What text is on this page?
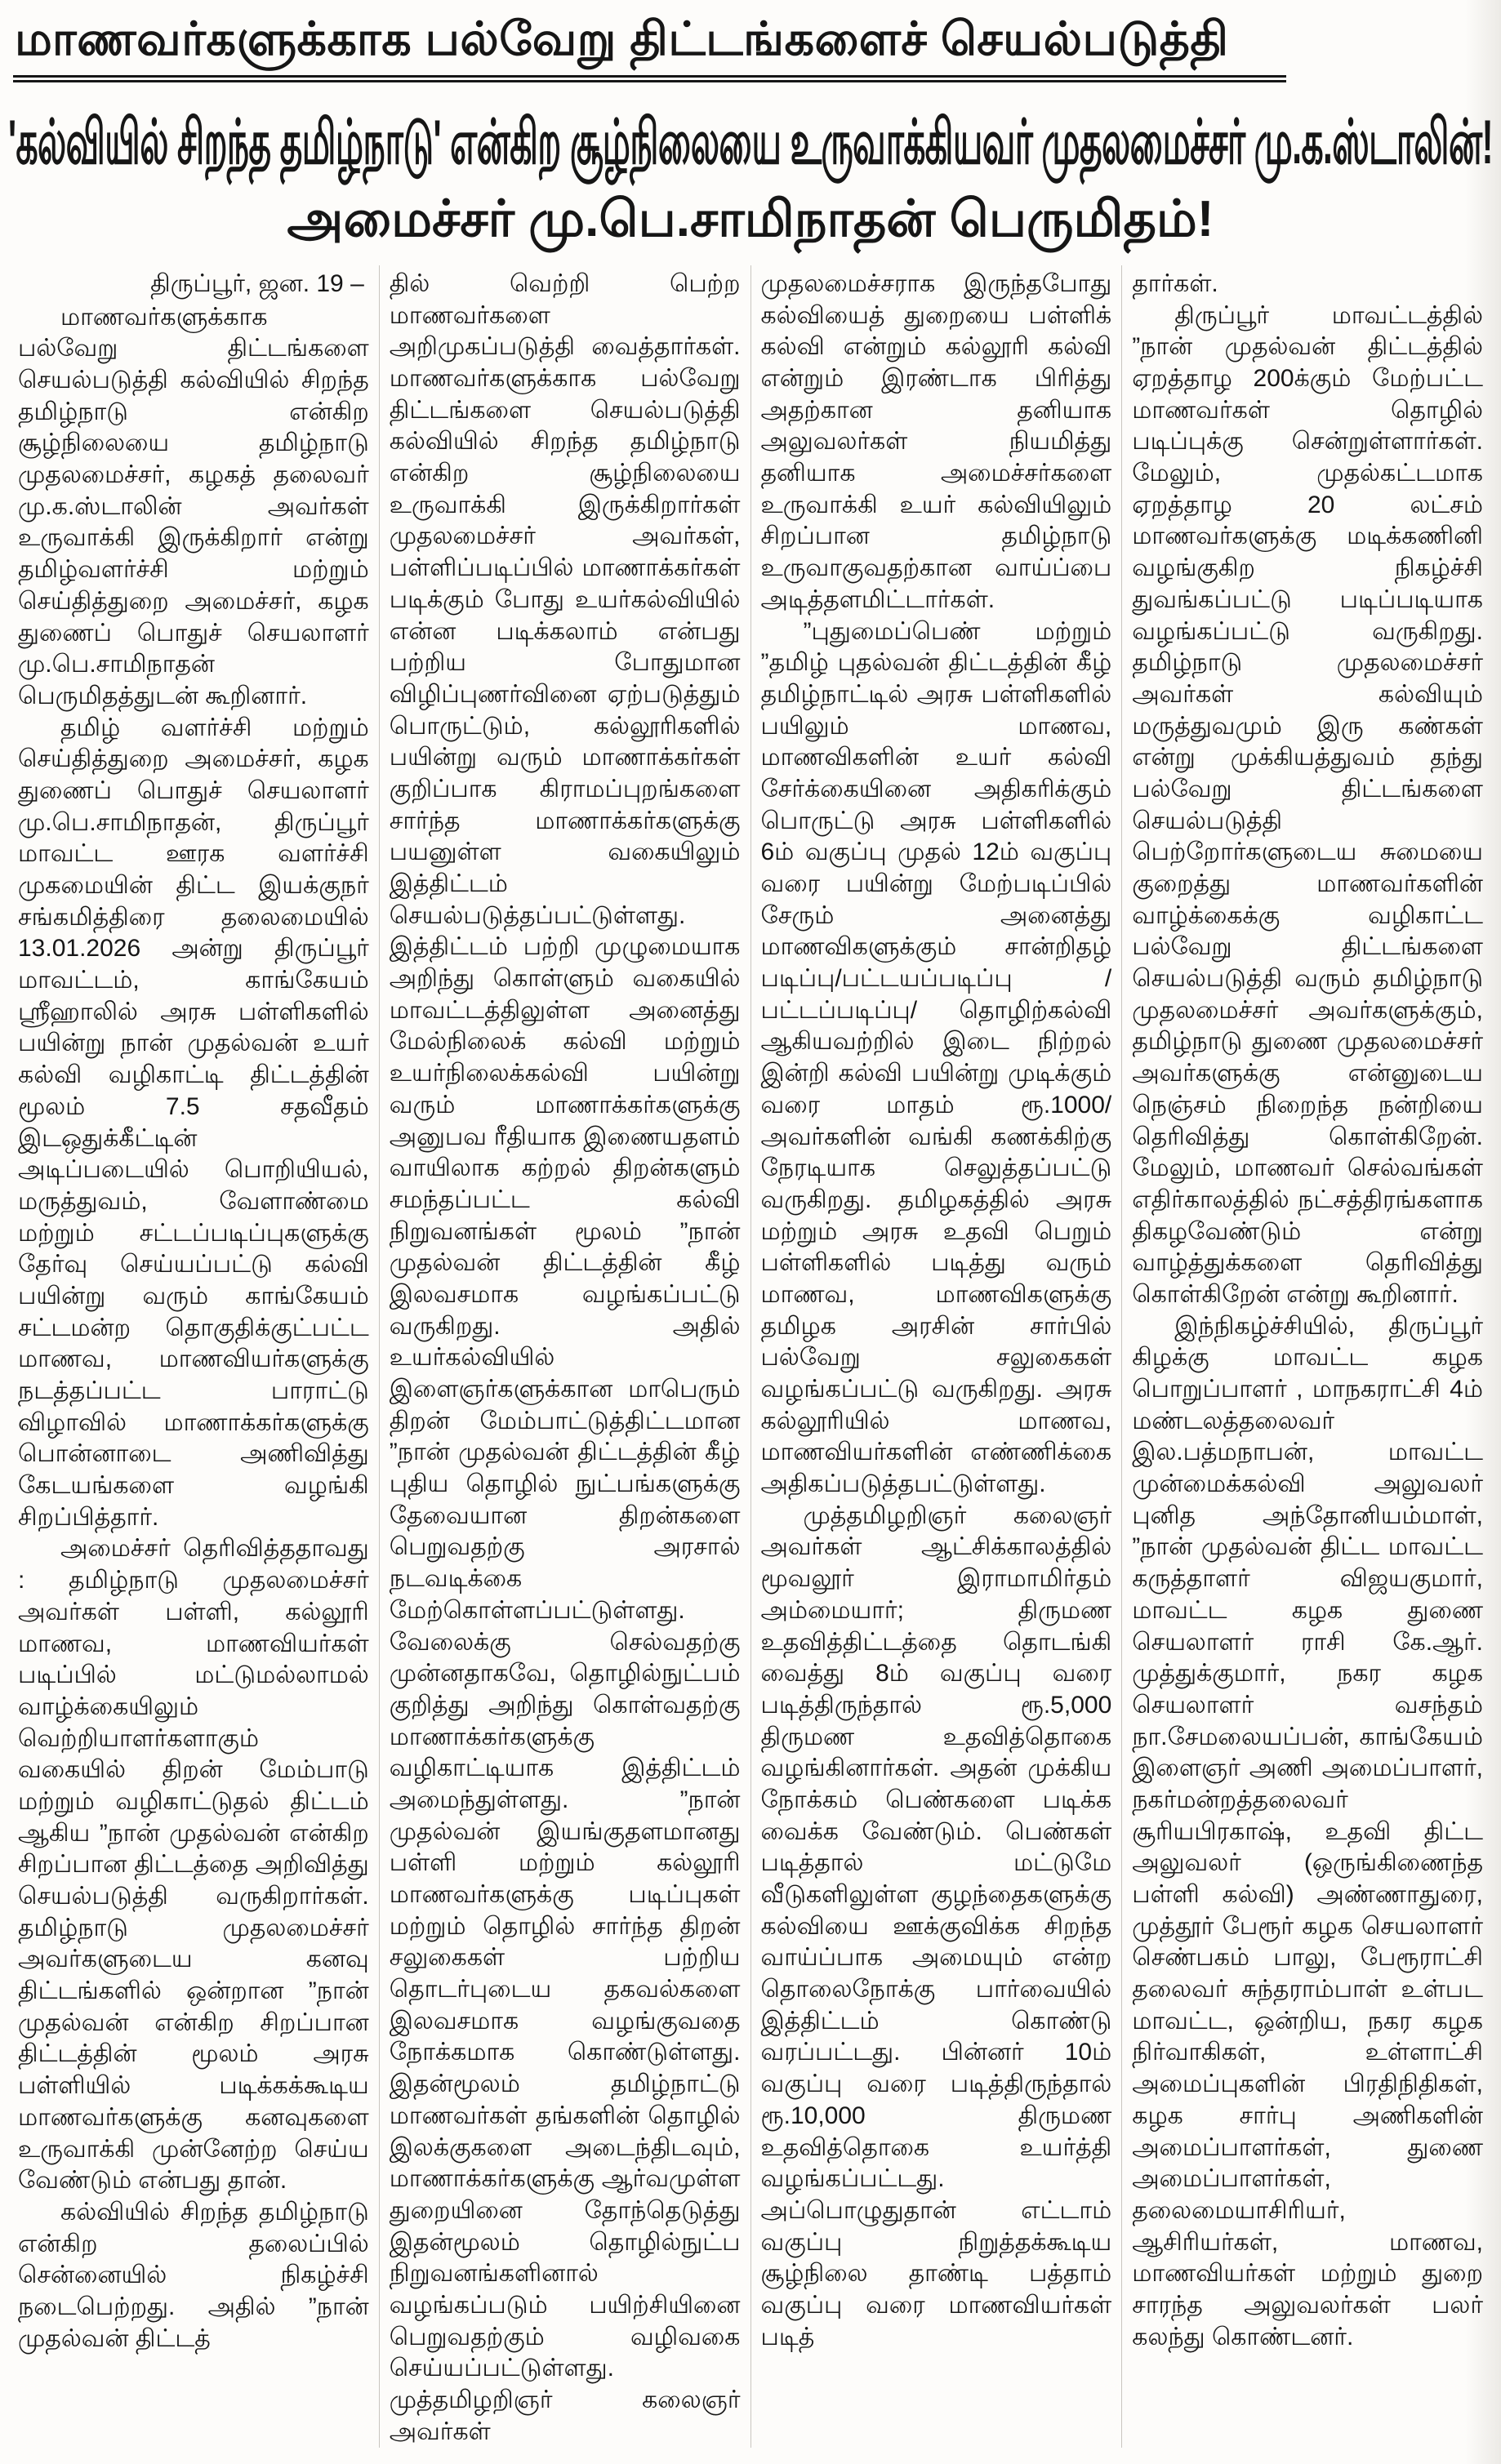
மாணவர்களுக்காக பல்வேறு திட்டங்களைச் செயல்படுத்தி
'கல்வியில் சிறந்த தமிழ்நாடு' என்கிற சூழ்நிலையை உருவாக்கியவர் முதலமைச்சர் மு.க.ஸ்டாலின்!
அமைச்சர் மு.பெ.சாமிநாதன் பெருமிதம்!

திருப்பூர், ஜன. 19 –

மாணவர்களுக்காக பல்வேறு திட்டங்களை செயல்படுத்தி கல்வியில் சிறந்த தமிழ்நாடு என்கிற சூழ்நிலையை தமிழ்நாடு முதலமைச்சர், கழகத் தலைவர் மு.க.ஸ்டாலின் அவர்கள் உருவாக்கி இருக்கிறார் என்று தமிழ்வளர்ச்சி மற்றும் செய்தித்துறை அமைச்சர், கழக துணைப் பொதுச் செயலாளர் மு.பெ.சாமிநாதன் பெருமிதத்துடன் கூறினார்.

தமிழ் வளர்ச்சி மற்றும் செய்தித்துறை அமைச்சர், கழக துணைப் பொதுச் செயலாளர் மு.பெ.சாமிநாதன், திருப்பூர் மாவட்ட ஊரக வளர்ச்சி முகமையின் திட்ட இயக்குநர் சங்கமித்திரை தலைமையில் 13.01.2026 அன்று திருப்பூர் மாவட்டம், காங்கேயம் ஸ்ரீஹாலில் அரசு பள்ளிகளில் பயின்று நான் முதல்வன் உயர் கல்வி வழிகாட்டி திட்டத்தின் மூலம் 7.5 சதவீதம் இடஒதுக்கீட்டின் அடிப்படையில் பொறியியல், மருத்துவம், வேளாண்மை மற்றும் சட்டப்படிப்புகளுக்கு தேர்வு செய்யப்பட்டு கல்வி பயின்று வரும் காங்கேயம் சட்டமன்ற தொகுதிக்குட்பட்ட மாணவ, மாணவியர்களுக்கு நடத்தப்பட்ட பாராட்டு விழாவில் மாணாக்கர்களுக்கு பொன்னாடை அணிவித்து கேடயங்களை வழங்கி சிறப்பித்தார்.

அமைச்சர் தெரிவித்ததாவது : தமிழ்நாடு முதலமைச்சர் அவர்கள் பள்ளி, கல்லூரி மாணவ, மாணவியர்கள் படிப்பில் மட்டுமல்லாமல் வாழ்க்கையிலும் வெற்றியாளர்களாகும் வகையில் திறன் மேம்பாடு மற்றும் வழிகாட்டுதல் திட்டம் ஆகிய ”நான் முதல்வன் என்கிற சிறப்பான திட்டத்தை அறிவித்து செயல்படுத்தி வருகிறார்கள். தமிழ்நாடு முதலமைச்சர் அவர்களுடைய கனவு திட்டங்களில் ஒன்றான ”நான் முதல்வன் என்கிற சிறப்பான திட்டத்தின் மூலம் அரசு பள்ளியில் படிக்கக்கூடிய மாணவர்களுக்கு கனவுகளை உருவாக்கி முன்னேற்ற செய்ய வேண்டும் என்பது தான்.

கல்வியில் சிறந்த தமிழ்நாடு என்கிற தலைப்பில் சென்னையில் நிகழ்ச்சி நடைபெற்றது. அதில் ”நான் முதல்வன் திட்டத்

தில் வெற்றி பெற்ற மாணவர்களை அறிமுகப்படுத்தி வைத்தார்கள். மாணவர்களுக்காக பல்வேறு திட்டங்களை செயல்படுத்தி கல்வியில் சிறந்த தமிழ்நாடு என்கிற சூழ்நிலையை உருவாக்கி இருக்கிறார்கள் முதலமைச்சர் அவர்கள், பள்ளிப்படிப்பில் மாணாக்கர்கள் படிக்கும் போது உயர்கல்வியில் என்ன படிக்கலாம் என்பது பற்றிய போதுமான விழிப்புணர்வினை ஏற்படுத்தும் பொருட்டும், கல்லூரிகளில் பயின்று வரும் மாணாக்கர்கள் குறிப்பாக கிராமப்புறங்களை சார்ந்த மாணாக்கர்களுக்கு பயனுள்ள வகையிலும் இத்திட்டம் செயல்படுத்தப்பட்டுள்ளது. இத்திட்டம் பற்றி முழுமையாக அறிந்து கொள்ளும் வகையில் மாவட்டத்திலுள்ள அனைத்து மேல்நிலைக் கல்வி மற்றும் உயர்நிலைக்கல்வி பயின்று வரும் மாணாக்கர்களுக்கு அனுபவ ரீதியாக இணையதளம் வாயிலாக கற்றல் திறன்களும் சமந்தப்பட்ட கல்வி நிறுவனங்கள் மூலம் ”நான் முதல்வன் திட்டத்தின் கீழ் இலவசமாக வழங்கப்பட்டு வருகிறது. அதில் உயர்கல்வியில் இளைஞர்களுக்கான மாபெரும் திறன் மேம்பாட்டுத்திட்டமான ”நான் முதல்வன் திட்டத்தின் கீழ் புதிய தொழில் நுட்பங்களுக்கு தேவையான திறன்களை பெறுவதற்கு அரசால் நடவடிக்கை மேற்கொள்ளப்பட்டுள்ளது. வேலைக்கு செல்வதற்கு முன்னதாகவே, தொழில்நுட்பம் குறித்து அறிந்து கொள்வதற்கு மாணாக்கர்களுக்கு வழிகாட்டியாக இத்திட்டம் அமைந்துள்ளது. ”நான் முதல்வன் இயங்குதளமானது பள்ளி மற்றும் கல்லூரி மாணவர்களுக்கு படிப்புகள் மற்றும் தொழில் சார்ந்த திறன் சலுகைகள் பற்றிய தொடர்புடைய தகவல்களை இலவசமாக வழங்குவதை நோக்கமாக கொண்டுள்ளது. இதன்மூலம் தமிழ்நாட்டு மாணவர்கள் தங்களின் தொழில் இலக்குகளை அடைந்திடவும், மாணாக்கர்களுக்கு ஆர்வமுள்ள துறையினை தோந்தெடுத்து இதன்மூலம் தொழில்நுட்ப நிறுவனங்களினால் வழங்கப்படும் பயிற்சியினை பெறுவதற்கும் வழிவகை செய்யப்பட்டுள்ளது. முத்தமிழறிஞர் கலைஞர் அவர்கள்

முதலமைச்சராக இருந்தபோது கல்வியைத் துறையை பள்ளிக் கல்வி என்றும் கல்லூரி கல்வி என்றும் இரண்டாக பிரித்து அதற்கான தனியாக அலுவலர்கள் நியமித்து தனியாக அமைச்சர்களை உருவாக்கி உயர் கல்வியிலும் சிறப்பான தமிழ்நாடு உருவாகுவதற்கான வாய்ப்பை அடித்தளமிட்டார்கள்.

”புதுமைப்பெண் மற்றும் ”தமிழ் புதல்வன் திட்டத்தின் கீழ் தமிழ்நாட்டில் அரசு பள்ளிகளில் பயிலும் மாணவ, மாணவிகளின் உயர் கல்வி சேர்க்கையினை அதிகரிக்கும் பொருட்டு அரசு பள்ளிகளில் 6ம் வகுப்பு முதல் 12ம் வகுப்பு வரை பயின்று மேற்படிப்பில் சேரும் அனைத்து மாணவிகளுக்கும் சான்றிதழ் படிப்பு/பட்டயப்படிப்பு / பட்டப்படிப்பு/ தொழிற்கல்வி ஆகியவற்றில் இடை நிற்றல் இன்றி கல்வி பயின்று முடிக்கும் வரை மாதம் ரூ.1000/ அவர்களின் வங்கி கணக்கிற்கு நேரடியாக செலுத்தப்பட்டு வருகிறது. தமிழகத்தில் அரசு மற்றும் அரசு உதவி பெறும் பள்ளிகளில் படித்து வரும் மாணவ, மாணவிகளுக்கு தமிழக அரசின் சார்பில் பல்வேறு சலுகைகள் வழங்கப்பட்டு வருகிறது. அரசு கல்லூரியில் மாணவ, மாணவியர்களின் எண்ணிக்கை அதிகப்படுத்தபட்டுள்ளது.

முத்தமிழறிஞர் கலைஞர் அவர்கள் ஆட்சிக்காலத்தில் மூவலூர் இராமாமிர்தம் அம்மையார்; திருமண உதவித்திட்டத்தை தொடங்கி வைத்து 8ம் வகுப்பு வரை படித்திருந்தால் ரூ.5,000 திருமண உதவித்தொகை வழங்கினார்கள். அதன் முக்கிய நோக்கம் பெண்களை படிக்க வைக்க வேண்டும். பெண்கள் படித்தால் மட்டுமே வீடுகளிலுள்ள குழந்தைகளுக்கு கல்வியை ஊக்குவிக்க சிறந்த வாய்ப்பாக அமையும் என்ற தொலைநோக்கு பார்வையில் இத்திட்டம் கொண்டு வரப்பட்டது. பின்னர் 10ம் வகுப்பு வரை படித்திருந்தால் ரூ.10,000 திருமண உதவித்தொகை உயர்த்தி வழங்கப்பட்டது. அப்பொழுதுதான் எட்டாம் வகுப்பு நிறுத்தக்கூடிய சூழ்நிலை தாண்டி பத்தாம் வகுப்பு வரை மாணவியர்கள் படித்

தார்கள்.

திருப்பூர் மாவட்டத்தில் ”நான் முதல்வன் திட்டத்தில் ஏறத்தாழ 200க்கும் மேற்பட்ட மாணவர்கள் தொழில் படிப்புக்கு சென்றுள்ளார்கள். மேலும், முதல்கட்டமாக ஏறத்தாழ 20 லட்சம் மாணவர்களுக்கு மடிக்கணினி வழங்குகிற நிகழ்ச்சி துவங்கப்பட்டு படிப்படியாக வழங்கப்பட்டு வருகிறது. தமிழ்நாடு முதலமைச்சர் அவர்கள் கல்வியும் மருத்துவமும் இரு கண்கள் என்று முக்கியத்துவம் தந்து பல்வேறு திட்டங்களை செயல்படுத்தி பெற்றோர்களுடைய சுமையை குறைத்து மாணவர்களின் வாழ்க்கைக்கு வழிகாட்ட பல்வேறு திட்டங்களை செயல்படுத்தி வரும் தமிழ்நாடு முதலமைச்சர் அவர்களுக்கும், தமிழ்நாடு துணை முதலமைச்சர் அவர்களுக்கு என்னுடைய நெஞ்சம் நிறைந்த நன்றியை தெரிவித்து கொள்கிறேன். மேலும், மாணவர் செல்வங்கள் எதிர்காலத்தில் நட்சத்திரங்களாக திகழவேண்டும் என்று வாழ்த்துக்களை தெரிவித்து கொள்கிறேன் என்று கூறினார்.

இந்நிகழ்ச்சியில், திருப்பூர் கிழக்கு மாவட்ட கழக பொறுப்பாளர் , மாநகராட்சி 4ம் மண்டலத்தலைவர் இல.பத்மநாபன், மாவட்ட முன்மைக்கல்வி அலுவலர் புனித அந்தோனியம்மாள், ”நான் முதல்வன் திட்ட மாவட்ட கருத்தாளர் விஜயகுமார், மாவட்ட கழக துணை செயலாளர் ராசி கே.ஆர். முத்துக்குமார், நகர கழக செயலாளர் வசந்தம் நா.சேமலையப்பன், காங்கேயம் இளைஞர் அணி அமைப்பாளர், நகர்மன்றத்தலைவர் சூரியபிரகாஷ், உதவி திட்ட அலுவலர் (ஒருங்கிணைந்த பள்ளி கல்வி) அண்ணாதுரை, முத்தூர் பேரூர் கழக செயலாளர் செண்பகம் பாலு, பேரூராட்சி தலைவர் சுந்தராம்பாள் உள்பட மாவட்ட, ஒன்றிய, நகர கழக நிர்வாகிகள், உள்ளாட்சி அமைப்புகளின் பிரதிநிதிகள், கழக சார்பு அணிகளின் அமைப்பாளர்கள், துணை அமைப்பாளர்கள், தலைமையாசிரியர், ஆசிரியர்கள், மாணவ, மாணவியர்கள் மற்றும் துறை சாரந்த அலுவலர்கள் பலர் கலந்து கொண்டனர்.
